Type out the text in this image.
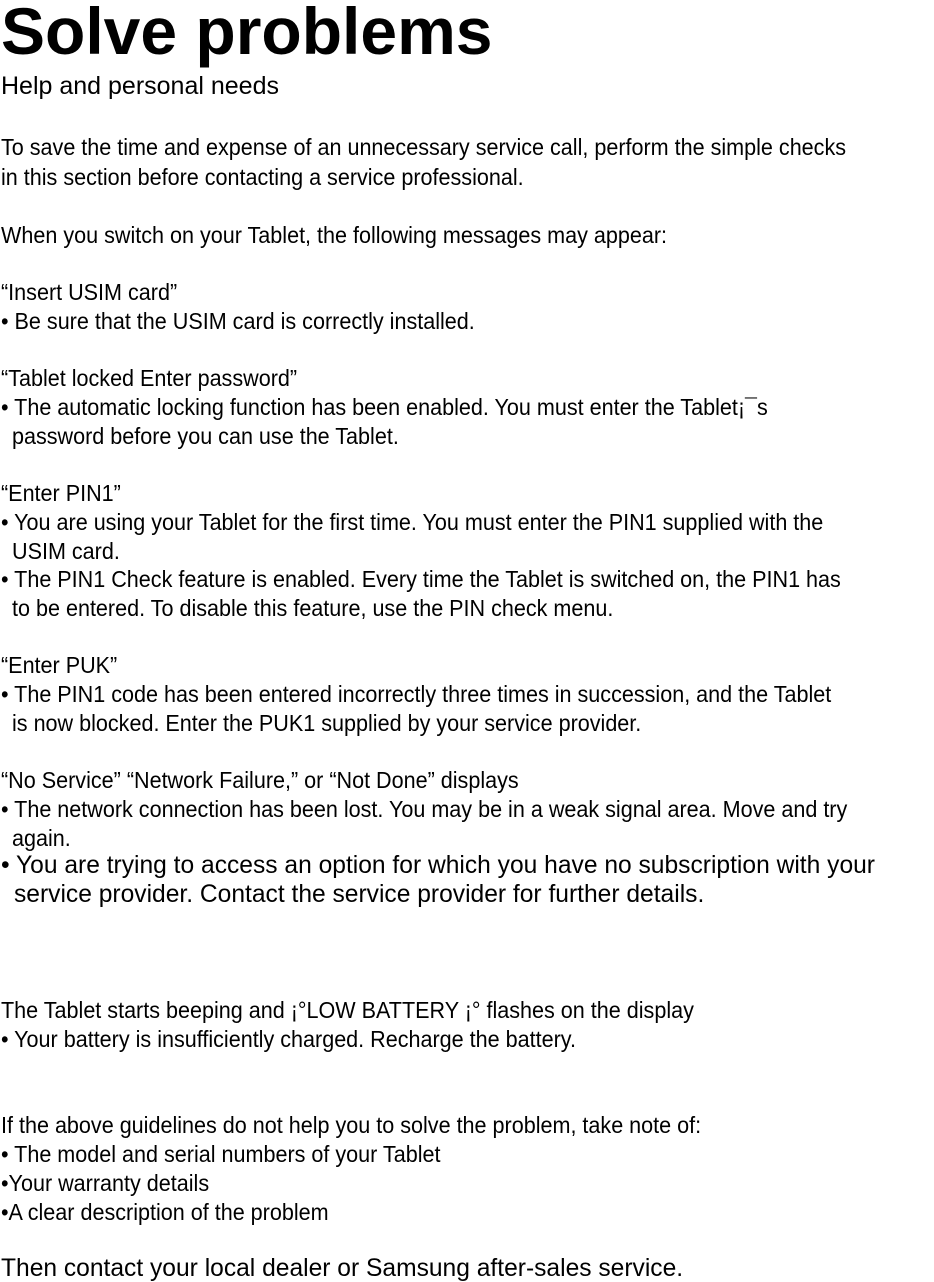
Solve problems
Help and personal needs
To save the time and expense of an unnecessary service call, perform the simple checks
in this section before contacting a service professional.
When you switch on your Tablet, the following messages may appear:
“Insert USIM card”
• Be sure that the USIM card is correctly installed.
“Tablet locked Enter password”
• The automatic locking function has been enabled. You must enter the Tablet¡¯s
password before you can use the Tablet.
“Enter PIN1”
• You are using your Tablet for the first time. You must enter the PIN1 supplied with the
USIM card.
• The PIN1 Check feature is enabled. Every time the Tablet is switched on, the PIN1 has
to be entered. To disable this feature, use the PIN check menu.
“Enter PUK”
• The PIN1 code has been entered incorrectly three times in succession, and the Tablet
is now blocked. Enter the PUK1 supplied by your service provider.
“No Service” “Network Failure,” or “Not Done” displays
• The network connection has been lost. You may be in a weak signal area. Move and try
again.
• You are trying to access an option for which you have no subscription with your
service provider. Contact the service provider for further details.
The Tablet starts beeping and ¡°LOW BATTERY ¡° flashes on the display
• Your battery is insufficiently charged. Recharge the battery.
If the above guidelines do not help you to solve the problem, take note of:
• The model and serial numbers of your Tablet
•Your warranty details
•A clear description of the problem
Then contact your local dealer or Samsung after-sales service.
